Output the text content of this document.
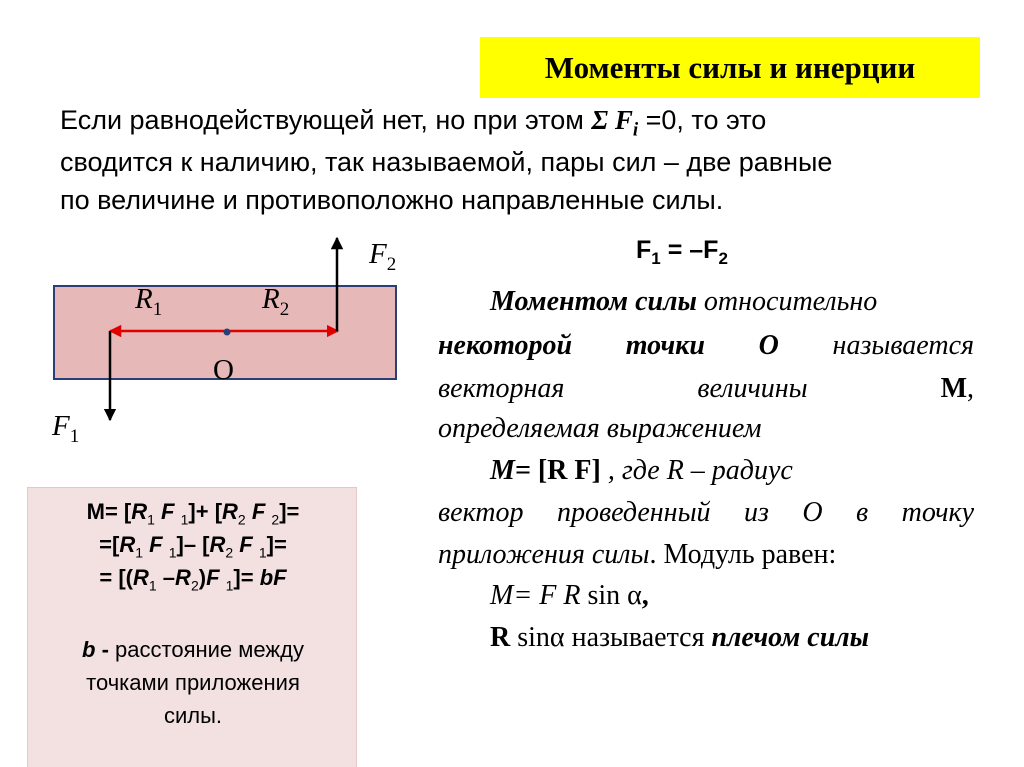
Моменты силы и инерции
Если равнодействующей нет, но при этом Σ $F_i =0$, то это
сводится к наличию, так называемой, пары сил – две равные
по величине и противоположно направленные силы.
$F_2$
$R_1$	$R_2$
O
$F_1$
$F_1 = -F_2$
$M= [R_1$ F $_1]+ [R_2$ F $_2$]=
$=[R_1$ F $_1$]– [$R_2$ F $_1$]=
= [($R_1$ $-R_2)F$ $_1$]= bF
b - расстояние между
точками приложения
силы.
Моментом силы относительно
некоторой точки О называется
векторная	величины	М,
определяемая выражением
М= [R F] , где R – радиус
вектор проведенный из О в точку
приложения силы. Модуль равен:
М= F R sin α,
R sinα называется плечом силы
